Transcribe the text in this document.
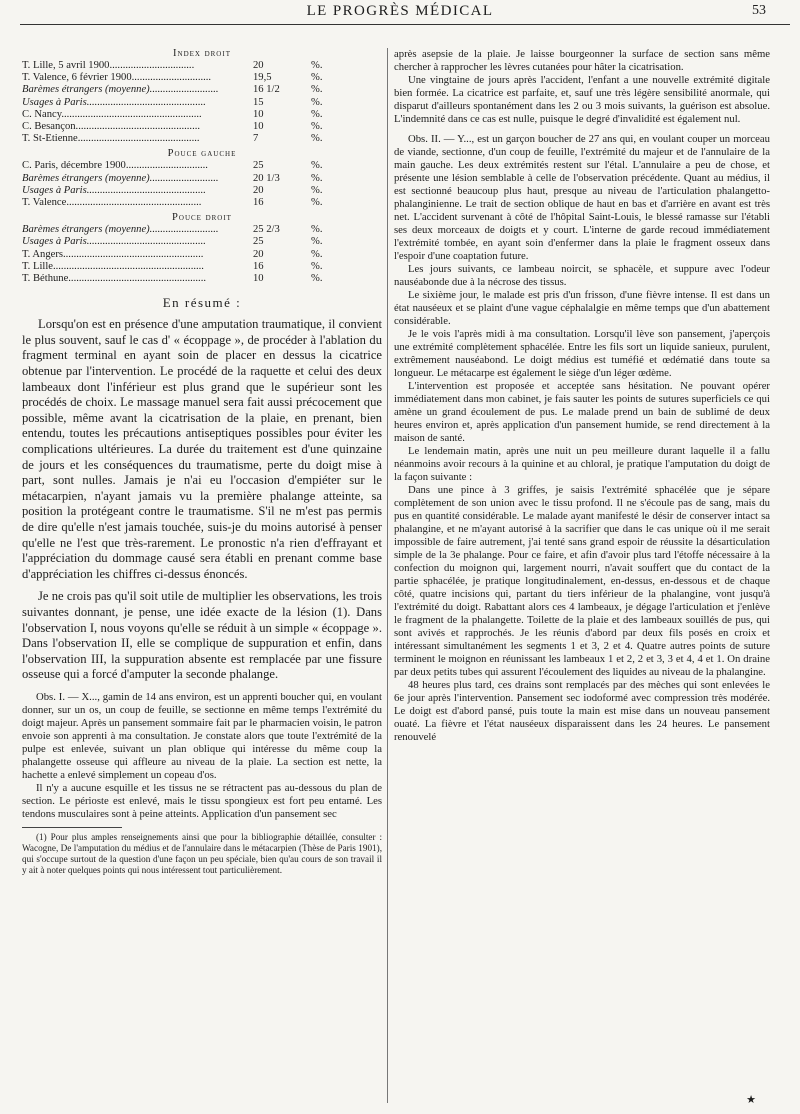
LE PROGRÈS MÉDICAL	53
Index droit
T. Lille, 5 avril 1900................................	20	%.
T. Valence, 6 février 1900..............................	19,5	%.
Barèmes étrangers (moyenne)..........................	16 1/2	%.
Usages à Paris.............................................	15	%.
C. Nancy.....................................................	10	%.
C. Besançon...............................................	10	%.
T. St-Etienne..............................................	7	%.
Pouce gauche
C. Paris, décembre 1900...............................	25	%.
Barèmes étrangers (moyenne)..........................	20 1/3	%.
Usages à Paris.............................................	20	%.
T. Valence...................................................	16	%.
Pouce droit
Barèmes étrangers (moyenne)..........................	25 2/3	%.
Usages à Paris.............................................	25	%.
T. Angers.....................................................	20	%.
T. Lille.........................................................	16	%.
T. Béthune....................................................	10	%.
En résumé :

Lorsqu'on est en présence d'une amputation traumatique, il convient le plus souvent, sauf le cas d' « écoppage », de procéder à l'ablation du fragment terminal en ayant soin de placer en dessus la cicatrice obtenue par l'intervention. Le procédé de la raquette et celui des deux lambeaux dont l'inférieur est plus grand que le supérieur sont les procédés de choix. Le massage manuel sera fait aussi précocement que possible, même avant la cicatrisation de la plaie, en prenant, bien entendu, toutes les précautions antiseptiques possibles pour éviter les complications ultérieures. La durée du traitement est d'une quinzaine de jours et les conséquences du traumatisme, perte du doigt mise à part, sont nulles. Jamais je n'ai eu l'occasion d'empiéter sur le métacarpien, n'ayant jamais vu la première phalange atteinte, sa position la protégeant contre le traumatisme. S'il ne m'est pas permis de dire qu'elle n'est jamais touchée, suis-je du moins autorisé à penser qu'elle ne l'est que très-rarement. Le pronostic n'a rien d'effrayant et l'appréciation du dommage causé sera établi en prenant comme base d'appréciation les chiffres ci-dessus énoncés.

Je ne crois pas qu'il soit utile de multiplier les observations, les trois suivantes donnant, je pense, une idée exacte de la lésion (1). Dans l'observation I, nous voyons qu'elle se réduit à un simple « écoppage ». Dans l'observation II, elle se complique de suppuration et enfin, dans l'observation III, la suppuration absente est remplacée par une fissure osseuse qui a forcé d'amputer la seconde phalange.

Obs. I. — X..., gamin de 14 ans environ, est un apprenti boucher qui, en voulant donner, sur un os, un coup de feuille, se sectionne en même temps l'extrémité du doigt majeur. Après un pansement sommaire fait par le pharmacien voisin, le patron envoie son apprenti à ma consultation. Je constate alors que toute l'extrémité de la pulpe est enlevée, suivant un plan oblique qui intéresse du même coup la phalangette osseuse qui affleure au niveau de la plaie. La section est nette, la hachette a enlevé simplement un copeau d'os.

Il n'y a aucune esquille et les tissus ne se rétractent pas au-dessous du plan de section. Le périoste est enlevé, mais le tissu spongieux est fort peu entamé. Les tendons musculaires sont à peine atteints. Application d'un pansement sec

(1) Pour plus amples renseignements ainsi que pour la bibliographie détaillée, consulter : Wacogne, De l'amputation du médius et de l'annulaire dans le métacarpien (Thèse de Paris 1901), qui s'occupe surtout de la question d'une façon un peu spéciale, bien qu'au cours de son travail il y ait à noter quelques points qui nous intéressent tout particulièrement.

après asepsie de la plaie. Je laisse bourgeonner la surface de section sans même chercher à rapprocher les lèvres cutanées pour hâter la cicatrisation.

Une vingtaine de jours après l'accident, l'enfant a une nouvelle extrémité digitale bien formée. La cicatrice est parfaite, et, sauf une très légère sensibilité anormale, qui disparut d'ailleurs spontanément dans les 2 ou 3 mois suivants, la guérison est absolue. L'indemnité dans ce cas est nulle, puisque le degré d'invalidité est également nul.

Obs. II. — Y..., est un garçon boucher de 27 ans qui, en voulant couper un morceau de viande, sectionne, d'un coup de feuille, l'extrémité du majeur et de l'annulaire de la main gauche. Les deux extrémités restent sur l'étal. L'annulaire a peu de chose, et présente une lésion semblable à celle de l'observation précédente. Quant au médius, il est sectionné beaucoup plus haut, presque au niveau de l'articulation phalangetto-phalanginienne. Le trait de section oblique de haut en bas et d'arrière en avant est très net. L'accident survenant à côté de l'hôpital Saint-Louis, le blessé ramasse sur l'établi ses deux morceaux de doigts et y court. L'interne de garde recoud immédiatement l'extrémité tombée, en ayant soin d'enfermer dans la plaie le fragment osseux dans l'espoir d'une coaptation future.

Les jours suivants, ce lambeau noircit, se sphacèle, et suppure avec l'odeur nauséabonde due à la nécrose des tissus.

Le sixième jour, le malade est pris d'un frisson, d'une fièvre intense. Il est dans un état nauséeux et se plaint d'une vague céphalalgie en même temps que d'un abattement considérable.

Je le vois l'après midi à ma consultation. Lorsqu'il lève son pansement, j'aperçois une extrémité complètement sphacélée. Entre les fils sort un liquide sanieux, purulent, extrêmement nauséabond. Le doigt médius est tuméfié et œdématié dans toute sa longueur. Le métacarpe est également le siège d'un léger œdème.

L'intervention est proposée et acceptée sans hésitation. Ne pouvant opérer immédiatement dans mon cabinet, je fais sauter les points de sutures superficiels ce qui amène un grand écoulement de pus. Le malade prend un bain de sublimé de deux heures environ et, après application d'un pansement humide, se rend directement à la maison de santé.

Le lendemain matin, après une nuit un peu meilleure durant laquelle il a fallu néanmoins avoir recours à la quinine et au chloral, je pratique l'amputation du doigt de la façon suivante :

Dans une pince à 3 griffes, je saisis l'extrémité sphacélée que je sépare complètement de son union avec le tissu profond. Il ne s'écoule pas de sang, mais du pus en quantité considérable. Le malade ayant manifesté le désir de conserver intact sa phalangine, et ne m'ayant autorisé à la sacrifier que dans le cas unique où il me serait impossible de faire autrement, j'ai tenté sans grand espoir de réussite la désarticulation simple de la 3e phalange. Pour ce faire, et afin d'avoir plus tard l'étoffe nécessaire à la confection du moignon qui, largement nourri, n'avait souffert que du contact de la partie sphacélée, je pratique longitudinalement, en-dessus, en-dessous et de chaque côté, quatre incisions qui, partant du tiers inférieur de la phalangine, vont jusqu'à l'extrémité du doigt. Rabattant alors ces 4 lambeaux, je dégage l'articulation et j'enlève le fragment de la phalangette. Toilette de la plaie et des lambeaux souillés de pus, qui sont avivés et rapprochés. Je les réunis d'abord par deux fils posés en croix et intéressant simultanément les segments 1 et 3, 2 et 4. Quatre autres points de suture terminent le moignon en réunissant les lambeaux 1 et 2, 2 et 3, 3 et 4, 4 et 1. On draine par deux petits tubes qui assurent l'écoulement des liquides au niveau de la phalangine.

48 heures plus tard, ces drains sont remplacés par des mèches qui sont enlevées le 6e jour après l'intervention. Pansement sec iodoformé avec compression très modérée. Le doigt est d'abord pansé, puis toute la main est mise dans un nouveau pansement ouaté. La fièvre et l'état nauséeux disparaissent dans les 24 heures. Le pansement renouvelé

★
